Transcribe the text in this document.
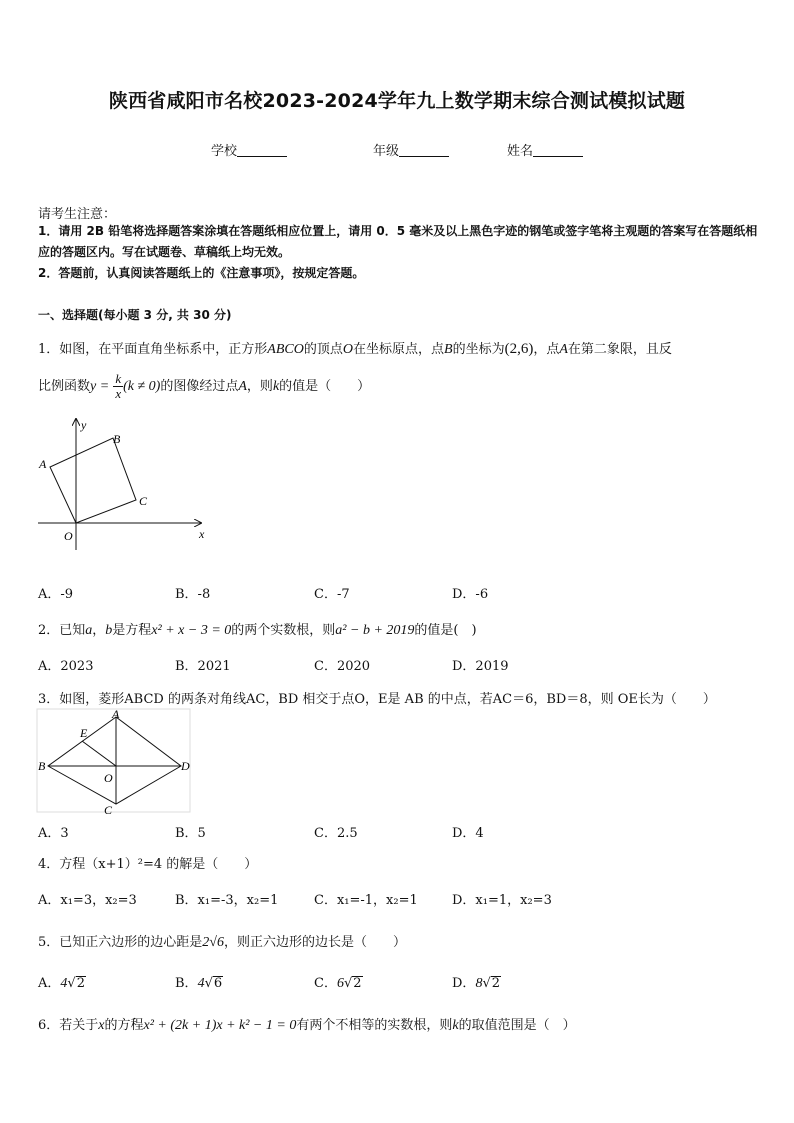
陕西省咸阳市名校2023-2024学年九上数学期末综合测试模拟试题
学校	年级	姓名
请考生注意：
1．请用 2B 铅笔将选择题答案涂填在答题纸相应位置上，请用 0．5 毫米及以上黑色字迹的钢笔或签字笔将主观题的答案写在答题纸相应的答题区内。写在试题卷、草稿纸上均无效。
2．答题前，认真阅读答题纸上的《注意事项》，按规定答题。
一、选择题(每小题 3 分, 共 30 分)
1．如图，在平面直角坐标系中，正方形ABCO的顶点O在坐标原点，点B的坐标为(2,6)，点A在第二象限，且反
比例函数$y = \frac{k}{x} (k \ne 0)$的图像经过点A，则k的值是（　　）
y
x
O
A
B
C
A．-9	B．-8	C．-7	D．-6
2．已知a，b是方程x² + x − 3 = 0的两个实数根，则a² − b + 2019的值是(　)
A．2023	B．2021	C．2020	D．2019
3．如图，菱形ABCD 的两条对角线AC，BD 相交于点O，E是 AB 的中点，若AC＝6，BD＝8，则 OE长为（　　）
A
B
C
D
E
O
A．3	B．5	C．2.5	D．4
4．方程（x+1）²=4 的解是（　　）
A．x₁=3，x₂=3	B．x₁=-3，x₂=1	C．x₁=-1，x₂=1	D．x₁=1，x₂=3
5．已知正六边形的边心距是2√6，则正六边形的边长是（　　）
A．4√2	B．4√6	C．6√2	D．8√2
6．若关于x的方程x² + (2k + 1)x + k² − 1 = 0有两个不相等的实数根，则k的取值范围是（　）
